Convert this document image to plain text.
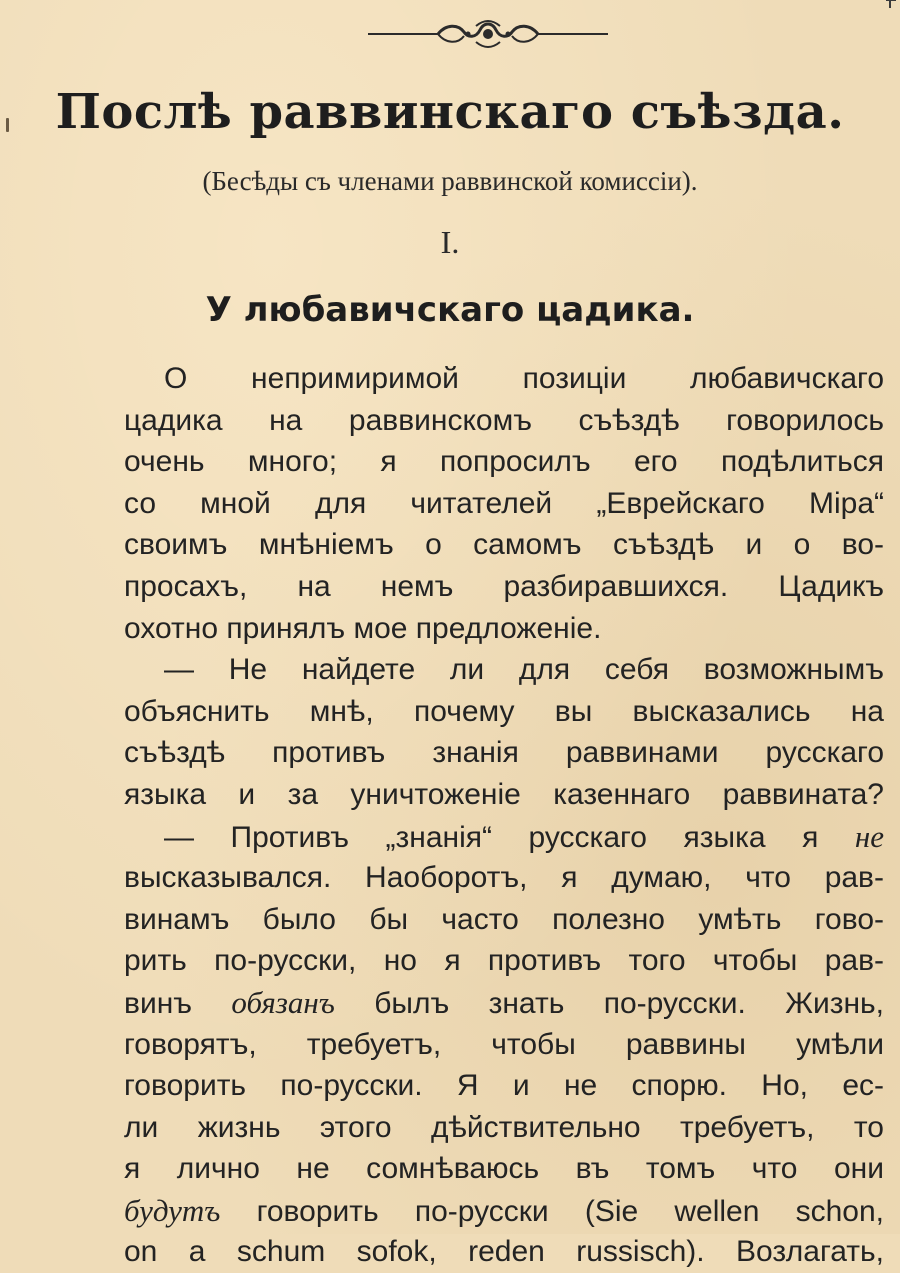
Послѣ раввинскаго съѣзда.
(Бесѣды съ членами раввинской комиссіи).
I.
У любавичскаго цадика.
О непримиримой позиціи любавичскаго
цадика на раввинскомъ съѣздѣ говорилось
очень много; я попросилъ его подѣлиться
со мной для читателей „Еврейскаго Міра“
своимъ мнѣніемъ о самомъ съѣздѣ и о во-
просахъ, на немъ разбиравшихся. Цадикъ
охотно принялъ мое предложеніе.
— Не найдете ли для себя возможнымъ
объяснить мнѣ, почему вы высказались на
съѣздѣ противъ знанія раввинами русскаго
языка и за уничтоженіе казеннаго раввината?
— Противъ „знанія“ русскаго языка я не
высказывался. Наоборотъ, я думаю, что рав-
винамъ было бы часто полезно умѣть гово-
рить по-русски, но я противъ того чтобы рав-
винъ обязанъ былъ знать по-русски. Жизнь,
говорятъ, требуетъ, чтобы раввины умѣли
говорить по-русски. Я и не спорю. Но, ес-
ли жизнь этого дѣйствительно требуетъ, то
я лично не сомнѣваюсь въ томъ что они
будутъ говорить по-русски (Sie wellen schon,
on a schum sofok, reden russisch). Возлагать,
